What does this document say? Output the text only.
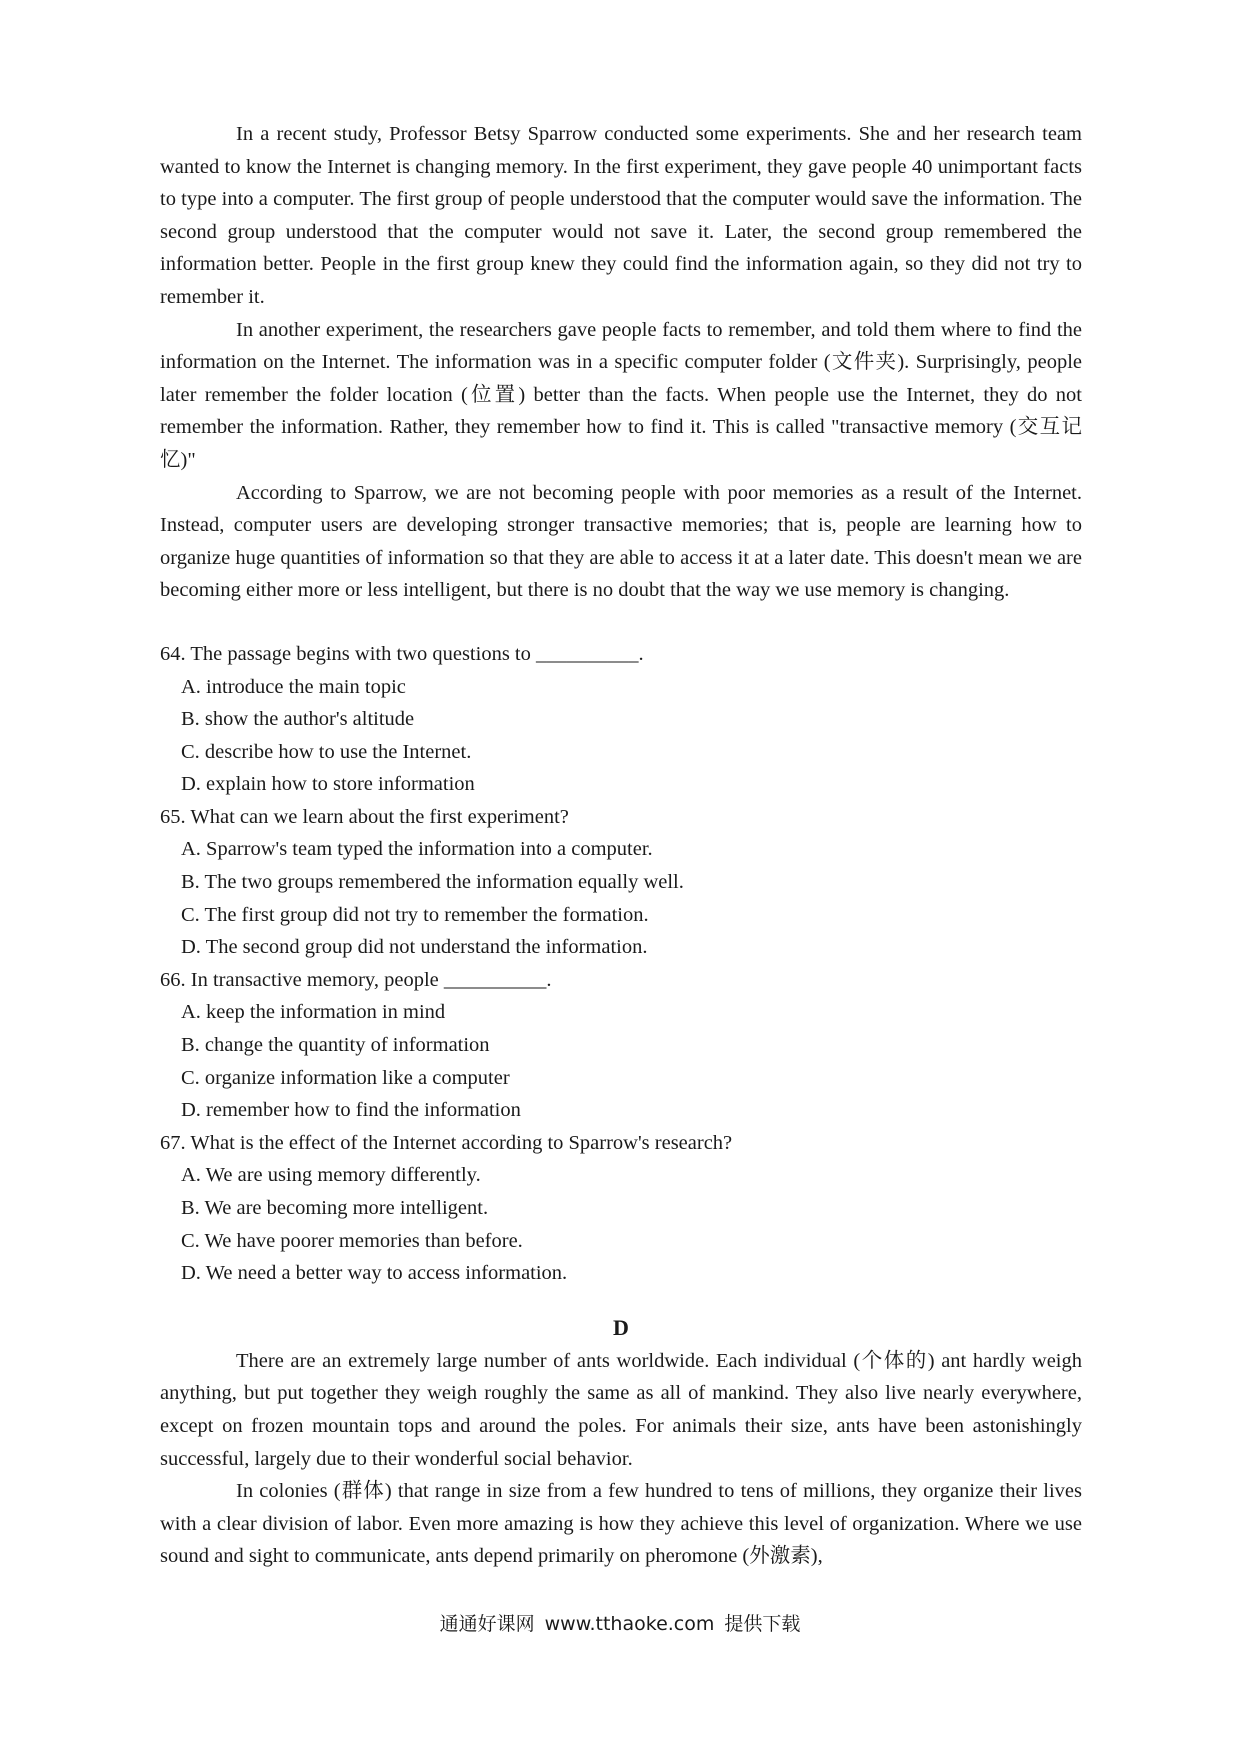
In a recent study, Professor Betsy Sparrow conducted some experiments. She and her research team wanted to know the Internet is changing memory. In the first experiment, they gave people 40 unimportant facts to type into a computer. The first group of people understood that the computer would save the information. The second group understood that the computer would not save it. Later, the second group remembered the information better. People in the first group knew they could find the information again, so they did not try to remember it.

In another experiment, the researchers gave people facts to remember, and told them where to find the information on the Internet. The information was in a specific computer folder (文件夹). Surprisingly, people later remember the folder location (位置) better than the facts. When people use the Internet, they do not remember the information. Rather, they remember how to find it. This is called "transactive memory (交互记忆)"

According to Sparrow, we are not becoming people with poor memories as a result of the Internet. Instead, computer users are developing stronger transactive memories; that is, people are learning how to organize huge quantities of information so that they are able to access it at a later date. This doesn't mean we are becoming either more or less intelligent, but there is no doubt that the way we use memory is changing.

64. The passage begins with two questions to __________.

A. introduce the main topic

B. show the author's altitude

C. describe how to use the Internet.

D. explain how to store information

65. What can we learn about the first experiment?

A. Sparrow's team typed the information into a computer.

B. The two groups remembered the information equally well.

C. The first group did not try to remember the formation.

D. The second group did not understand the information.

66. In transactive memory, people __________.

A. keep the information in mind

B. change the quantity of information

C. organize information like a computer

D. remember how to find the information

67. What is the effect of the Internet according to Sparrow's research?

A. We are using memory differently.

B. We are becoming more intelligent.

C. We have poorer memories than before.

D. We need a better way to access information.

D

There are an extremely large number of ants worldwide. Each individual (个体的) ant hardly weigh anything, but put together they weigh roughly the same as all of mankind. They also live nearly everywhere, except on frozen mountain tops and around the poles. For animals their size, ants have been astonishingly successful, largely due to their wonderful social behavior.

In colonies (群体) that range in size from a few hundred to tens of millions, they organize their lives with a clear division of labor. Even more amazing is how they achieve this level of organization. Where we use sound and sight to communicate, ants depend primarily on pheromone (外激素),

通通好课网 www.tthaoke.com 提供下载
